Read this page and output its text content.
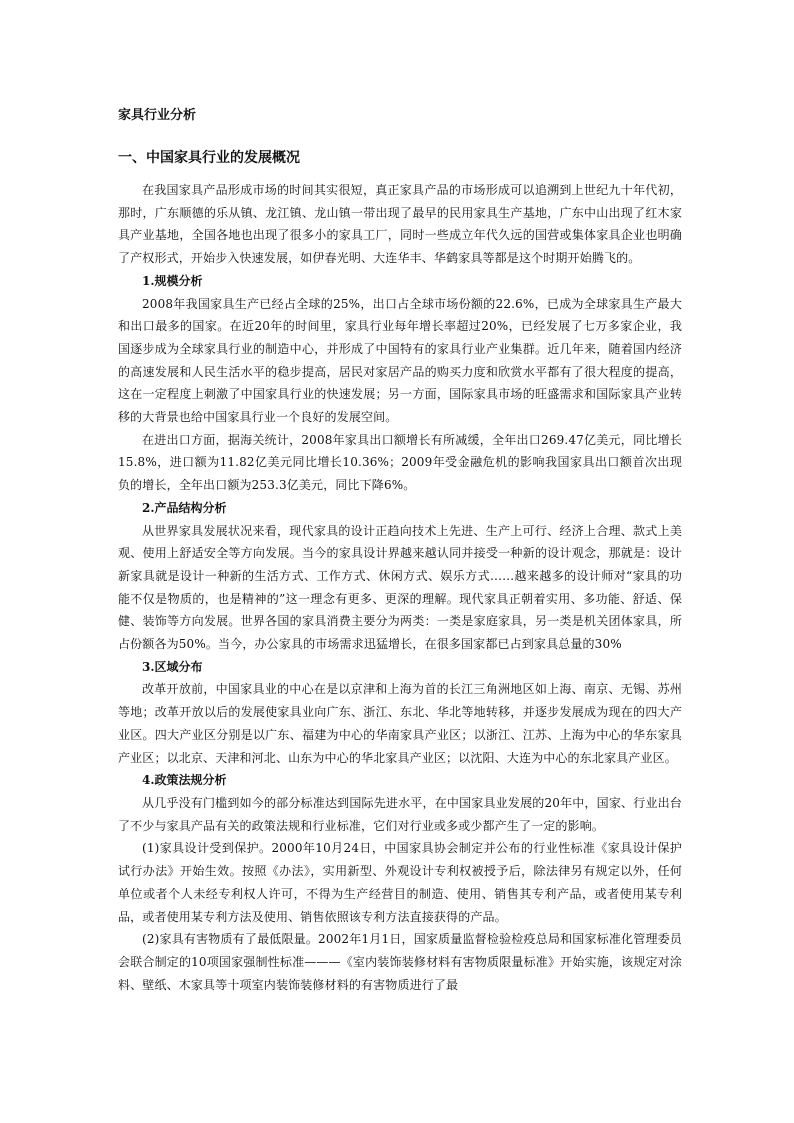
家具行业分析
一、中国家具行业的发展概况

在我国家具产品形成市场的时间其实很短，真正家具产品的市场形成可以追溯到上世纪九十年代初，那时，广东顺德的乐从镇、龙江镇、龙山镇一带出现了最早的民用家具生产基地，广东中山出现了红木家具产业基地，全国各地也出现了很多小的家具工厂，同时一些成立年代久远的国营或集体家具企业也明确了产权形式，开始步入快速发展，如伊春光明、大连华丰、华鹤家具等都是这个时期开始腾飞的。

1.规模分析

2008年我国家具生产已经占全球的25%，出口占全球市场份额的22.6%，已成为全球家具生产最大和出口最多的国家。在近20年的时间里，家具行业每年增长率超过20%，已经发展了七万多家企业，我国逐步成为全球家具行业的制造中心，并形成了中国特有的家具行业产业集群。近几年来，随着国内经济的高速发展和人民生活水平的稳步提高，居民对家居产品的购买力度和欣赏水平都有了很大程度的提高，这在一定程度上刺激了中国家具行业的快速发展；另一方面，国际家具市场的旺盛需求和国际家具产业转移的大背景也给中国家具行业一个良好的发展空间。

在进出口方面，据海关统计，2008年家具出口额增长有所减缓，全年出口269.47亿美元，同比增长15.8%，进口额为11.82亿美元同比增长10.36%；2009年受金融危机的影响我国家具出口额首次出现负的增长，全年出口额为253.3亿美元，同比下降6%。

2.产品结构分析

从世界家具发展状况来看，现代家具的设计正趋向技术上先进、生产上可行、经济上合理、款式上美观、使用上舒适安全等方向发展。当今的家具设计界越来越认同并接受一种新的设计观念，那就是：设计新家具就是设计一种新的生活方式、工作方式、休闲方式、娱乐方式……越来越多的设计师对“家具的功能不仅是物质的，也是精神的”这一理念有更多、更深的理解。现代家具正朝着实用、多功能、舒适、保健、装饰等方向发展。世界各国的家具消费主要分为两类：一类是家庭家具，另一类是机关团体家具，所占份额各为50%。当今，办公家具的市场需求迅猛增长，在很多国家都已占到家具总量的30%

3.区域分布

改革开放前，中国家具业的中心在是以京津和上海为首的长江三角洲地区如上海、南京、无锡、苏州等地；改革开放以后的发展使家具业向广东、浙江、东北、华北等地转移，并逐步发展成为现在的四大产业区。四大产业区分别是以广东、福建为中心的华南家具产业区；以浙江、江苏、上海为中心的华东家具产业区；以北京、天津和河北、山东为中心的华北家具产业区；以沈阳、大连为中心的东北家具产业区。

4.政策法规分析

从几乎没有门槛到如今的部分标准达到国际先进水平，在中国家具业发展的20年中，国家、行业出台了不少与家具产品有关的政策法规和行业标准，它们对行业或多或少都产生了一定的影响。

(1)家具设计受到保护。2000年10月24日，中国家具协会制定并公布的行业性标准《家具设计保护试行办法》开始生效。按照《办法》，实用新型、外观设计专利权被授予后，除法律另有规定以外，任何单位或者个人未经专利权人许可，不得为生产经营目的制造、使用、销售其专利产品，或者使用某专利品，或者使用某专利方法及使用、销售依照该专利方法直接获得的产品。

(2)家具有害物质有了最低限量。2002年1月1日，国家质量监督检验检疫总局和国家标准化管理委员会联合制定的10项国家强制性标准———《室内装饰装修材料有害物质限量标准》开始实施，该规定对涂料、壁纸、木家具等十项室内装饰装修材料的有害物质进行了最
